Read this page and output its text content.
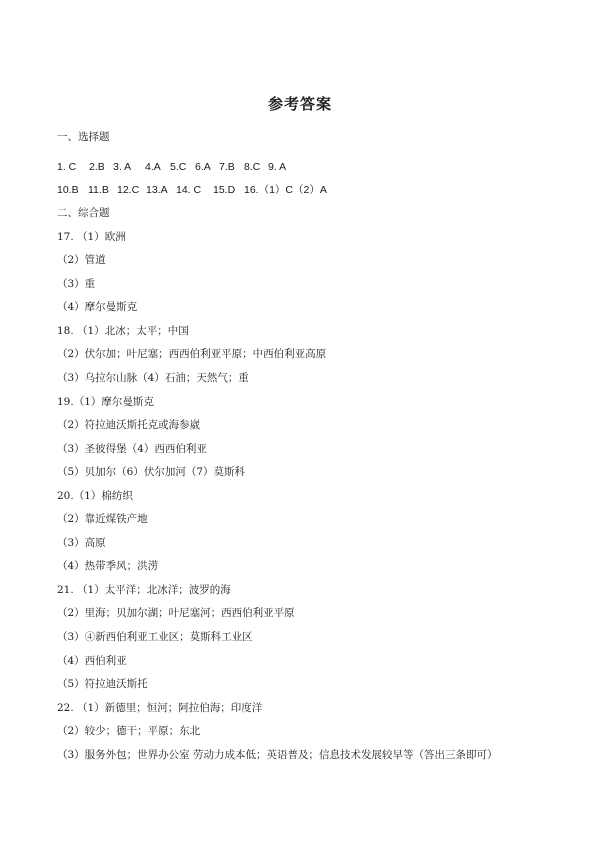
参考答案
一、选择题
1. C 2.B 3. A 4.A 5.C 6.A 7.B 8.C 9. A
10.B 11.B 12.C 13.A 14. C 15.D 16.（1）C（2）A
二、综合题
17. （1）欧洲
（2）管道
（3）重
（4）摩尔曼斯克
18. （1）北冰；太平；中国
（2）伏尔加；叶尼塞；西西伯利亚平原；中西伯利亚高原
（3）乌拉尔山脉（4）石油；天然气；重
19.（1）摩尔曼斯克
（2）符拉迪沃斯托克或海参崴
（3）圣彼得堡（4）西西伯利亚
（5）贝加尔（6）伏尔加河（7）莫斯科
20.（1）棉纺织
（2）靠近煤铁产地
（3）高原
（4）热带季风；洪涝
21. （1）太平洋；北冰洋；波罗的海
（2）里海；贝加尔湖；叶尼塞河；西西伯利亚平原
（3）④新西伯利亚工业区；莫斯科工业区
（4）西伯利亚
（5）符拉迪沃斯托
22. （1）新德里；恒河；阿拉伯海；印度洋
（2）较少；德干；平原；东北
（3）服务外包；世界办公室 劳动力成本低；英语普及；信息技术发展较早等（答出三条即可）
